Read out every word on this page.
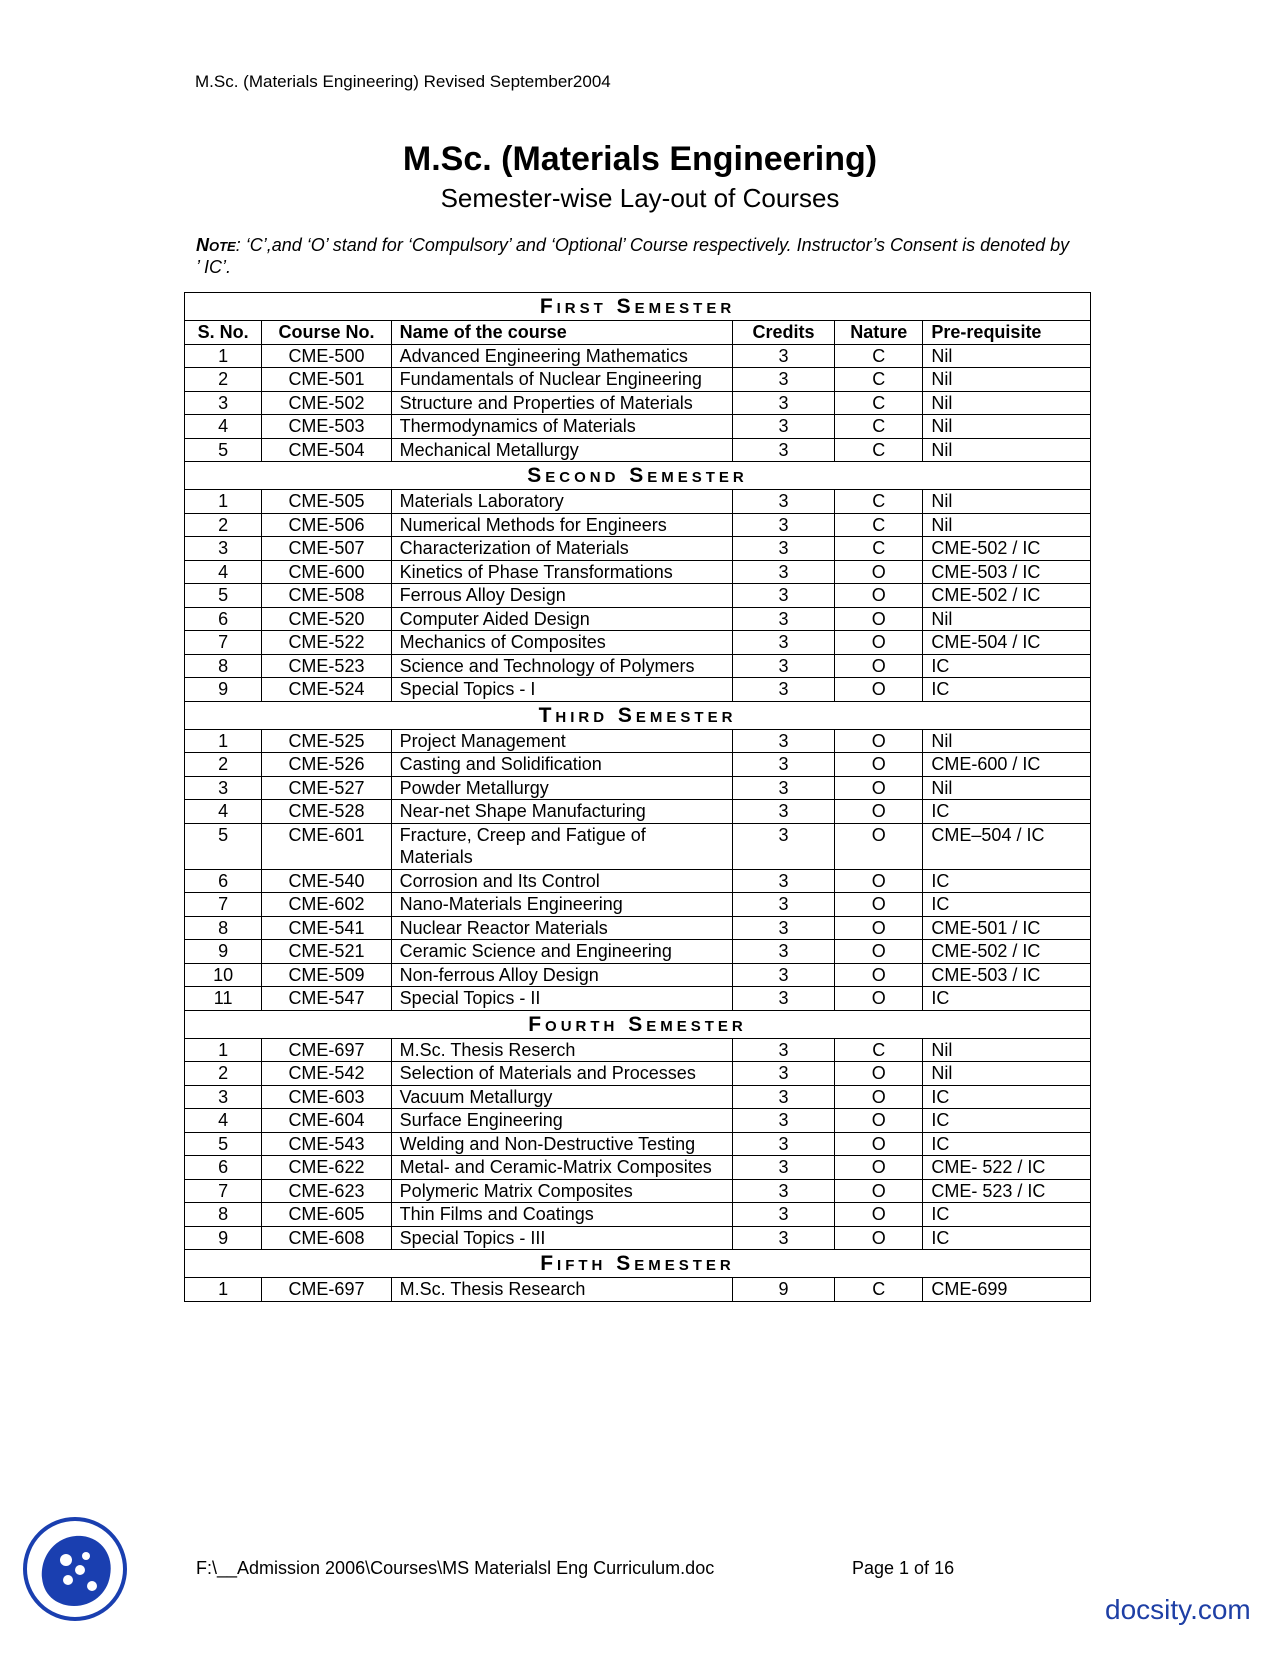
M.Sc. (Materials Engineering) Revised September2004
M.Sc. (Materials Engineering)
Semester-wise Lay-out of Courses
Note: ‘C’,and ‘O’ stand for ‘Compulsory’ and ‘Optional’ Course respectively. Instructor’s Consent is denoted by ’ IC’.
First Semester					
S. No.	Course No.	Name of the course	Credits	Nature	Pre-requisite
1	CME-500	Advanced Engineering Mathematics	3	C	Nil
2	CME-501	Fundamentals of Nuclear Engineering	3	C	Nil
3	CME-502	Structure and Properties of Materials	3	C	Nil
4	CME-503	Thermodynamics of Materials	3	C	Nil
5	CME-504	Mechanical Metallurgy	3	C	Nil
Second Semester					
1	CME-505	Materials Laboratory	3	C	Nil
2	CME-506	Numerical Methods for Engineers	3	C	Nil
3	CME-507	Characterization of Materials	3	C	CME-502 / IC
4	CME-600	Kinetics of Phase Transformations	3	O	CME-503 / IC
5	CME-508	Ferrous Alloy Design	3	O	CME-502 / IC
6	CME-520	Computer Aided Design	3	O	Nil
7	CME-522	Mechanics of Composites	3	O	CME-504 / IC
8	CME-523	Science and Technology of Polymers	3	O	IC
9	CME-524	Special Topics - I	3	O	IC
Third Semester					
1	CME-525	Project Management	3	O	Nil
2	CME-526	Casting and Solidification	3	O	CME-600 / IC
3	CME-527	Powder Metallurgy	3	O	Nil
4	CME-528	Near-net Shape Manufacturing	3	O	IC
5	CME-601	Fracture, Creep and Fatigue of Materials	3	O	CME–504 / IC
6	CME-540	Corrosion and Its Control	3	O	IC
7	CME-602	Nano-Materials Engineering	3	O	IC
8	CME-541	Nuclear Reactor Materials	3	O	CME-501 / IC
9	CME-521	Ceramic Science and Engineering	3	O	CME-502 / IC
10	CME-509	Non-ferrous Alloy Design	3	O	CME-503 / IC
11	CME-547	Special Topics - II	3	O	IC
Fourth Semester					
1	CME-697	M.Sc. Thesis Reserch	3	C	Nil
2	CME-542	Selection of Materials and Processes	3	O	Nil
3	CME-603	Vacuum Metallurgy	3	O	IC
4	CME-604	Surface Engineering	3	O	IC
5	CME-543	Welding and Non-Destructive Testing	3	O	IC
6	CME-622	Metal- and Ceramic-Matrix Composites	3	O	CME- 522 / IC
7	CME-623	Polymeric Matrix Composites	3	O	CME- 523 / IC
8	CME-605	Thin Films and Coatings	3	O	IC
9	CME-608	Special Topics - III	3	O	IC
Fifth Semester					
1	CME-697	M.Sc. Thesis Research	9	C	CME-699
F:\__Admission 2006\Courses\MS Materialsl Eng Curriculum.doc	Page 1 of 16
docsity.com
